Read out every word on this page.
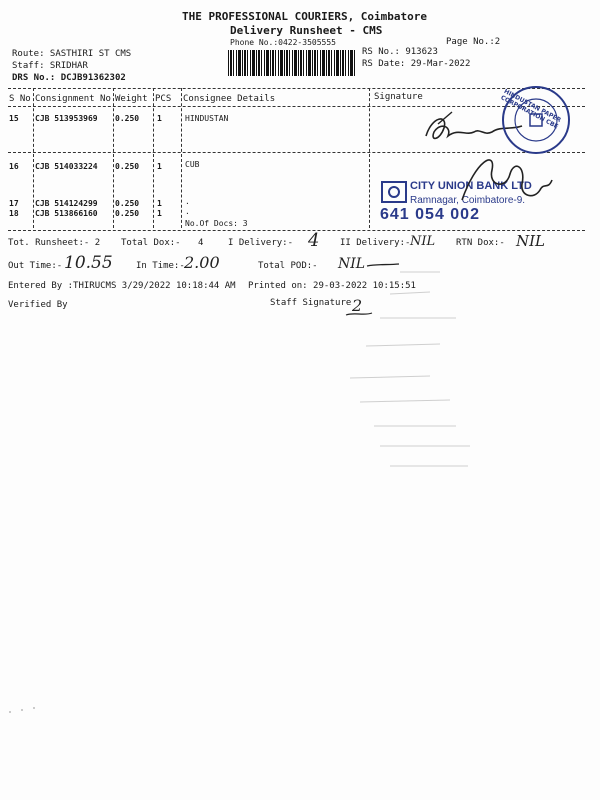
THE PROFESSIONAL COURIERS, Coimbatore
Delivery Runsheet - CMS
Phone No.:0422-3505555	Page No.:2
Route: SASTHIRI ST CMS
Staff: SRIDHAR
DRS No.: DCJB91362302
RS No.: 913623
RS Date: 29-Mar-2022
S No Consignment No Weight PCS Consignee Details	Signature
15 CJB 513953969 0.250 1	HINDUSTAN
16 CJB 514033224 0.250 1	CUB
17 CJB 514124299 0.250 1	.
18 CJB 513866160 0.250 1	.
No.Of Docs: 3
HINDUSTAN PAPER CORPORATION CBE
CITY UNION BANK LTD
Ramnagar, Coimbatore-9.
641 054 002
Tot. Runsheet:- 2 Total Dox:- 4	I Delivery:- 4 II Delivery:- NIL RTN Dox:- NIL
Out Time:- 10.55	In Time:- 2.00	Total POD:- NIL
Entered By :THIRUCMS 3/29/2022 10:18:44 AM Printed on: 29-03-2022 10:15:51
Verified By	Staff Signature 2
